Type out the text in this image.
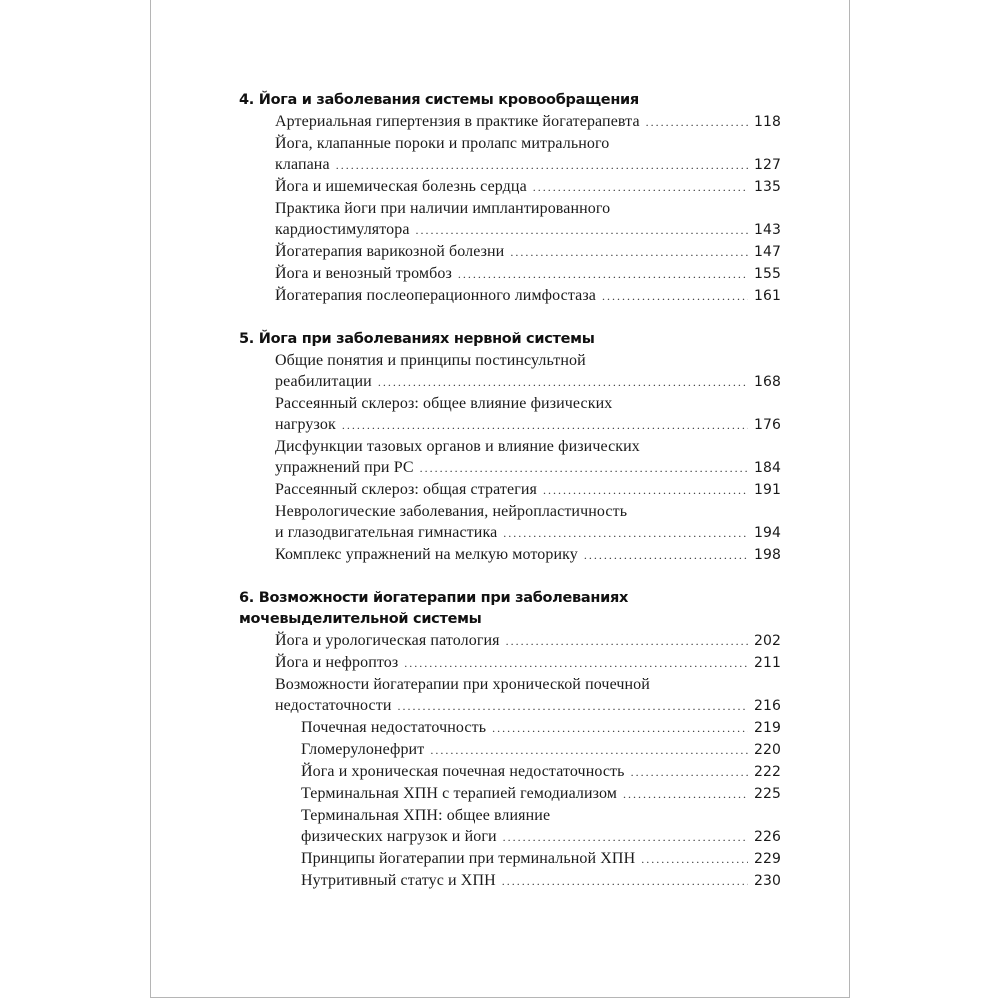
4. Йога и заболевания системы кровообращения
Артериальная гипертензия в практике йогатерапевта .....	118
Йога, клапанные пороки и пролапс митрального
клапана .....	127
Йога и ишемическая болезнь сердца .....	135
Практика йоги при наличии имплантированного
кардиостимулятора .....	143
Йогатерапия варикозной болезни .....	147
Йога и венозный тромбоз .....	155
Йогатерапия послеоперационного лимфостаза .....	161
5. Йога при заболеваниях нервной системы
Общие понятия и принципы постинсультной
реабилитации .....	168
Рассеянный склероз: общее влияние физических
нагрузок .....	176
Дисфункции тазовых органов и влияние физических
упражнений при РС .....	184
Рассеянный склероз: общая стратегия .....	191
Неврологические заболевания, нейропластичность
и глазодвигательная гимнастика .....	194
Комплекс упражнений на мелкую моторику .....	198
6. Возможности йогатерапии при заболеваниях
мочевыделительной системы
Йога и урологическая патология .....	202
Йога и нефроптоз .....	211
Возможности йогатерапии при хронической почечной
недостаточности .....	216
Почечная недостаточность .....	219
Гломерулонефрит .....	220
Йога и хроническая почечная недостаточность .....	222
Терминальная ХПН с терапией гемодиализом .....	225
Терминальная ХПН: общее влияние
физических нагрузок и йоги .....	226
Принципы йогатерапии при терминальной ХПН .....	229
Нутритивный статус и ХПН .....	230
